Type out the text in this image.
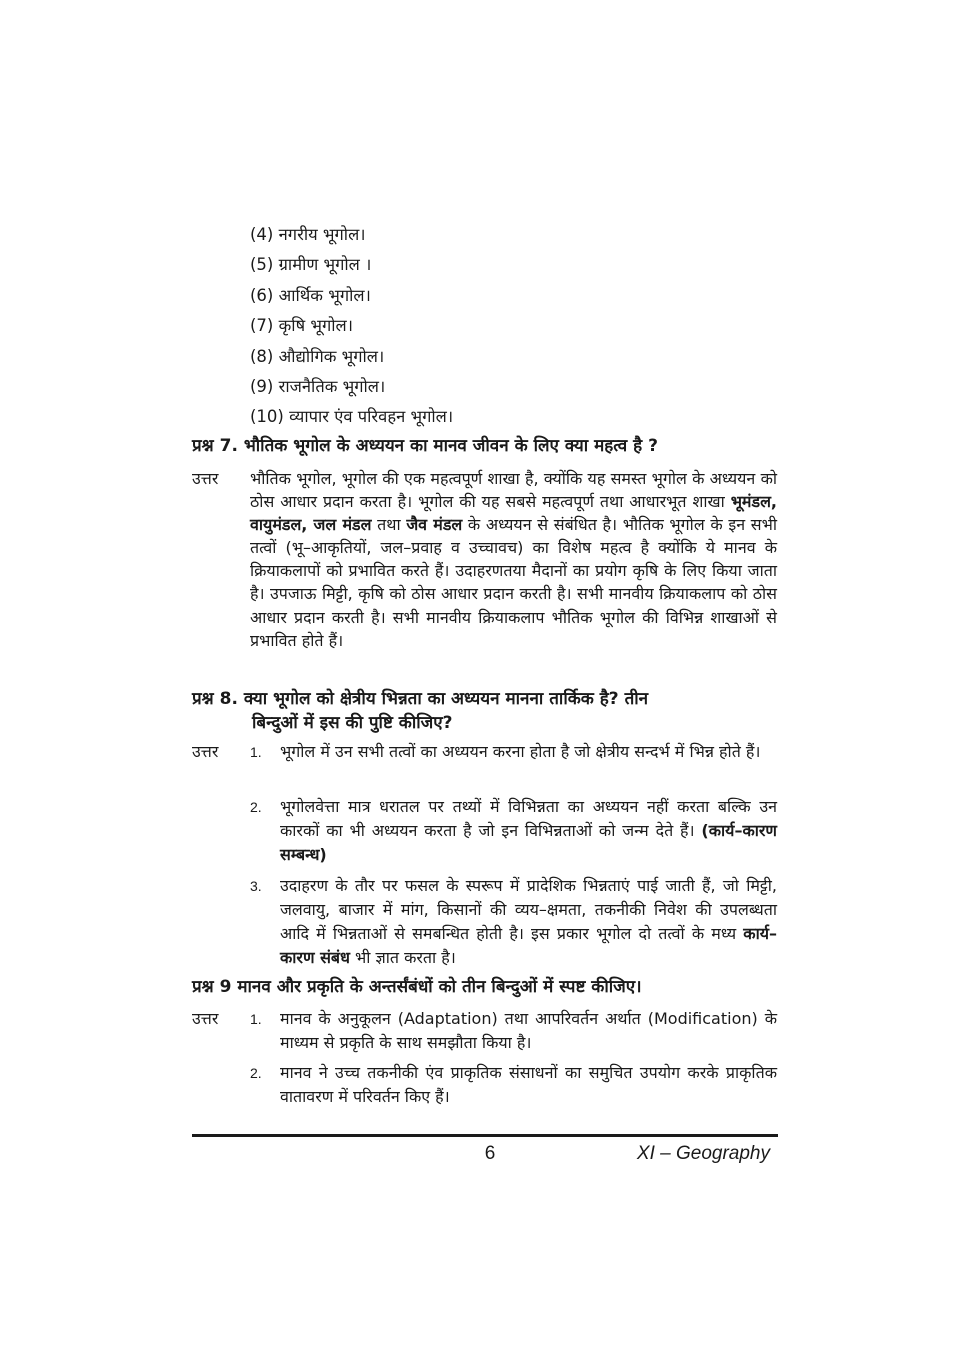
(4) नगरीय भूगोल।
(5) ग्रामीण भूगोल ।
(6) आर्थिक भूगोल।
(7) कृषि भूगोल।
(8) औद्योगिक भूगोल।
(9) राजनैतिक भूगोल।
(10) व्यापार एंव परिवहन भूगोल।
प्रश्न 7. भौतिक भूगोल के अध्ययन का मानव जीवन के लिए क्या महत्व है ?
उत्तर भौतिक भूगोल, भूगोल की एक महत्वपूर्ण शाखा है, क्योंकि यह समस्त भूगोल के अध्ययन को ठोस आधार प्रदान करता है। भूगोल की यह सबसे महत्वपूर्ण तथा आधारभूत शाखा भूमंडल, वायुमंडल, जल मंडल तथा जैव मंडल के अध्ययन से संबंधित है। भौतिक भूगोल के इन सभी तत्वों (भू–आकृतियों, जल–प्रवाह व उच्चावच) का विशेष महत्व है क्योंकि ये मानव के क्रियाकलापों को प्रभावित करते हैं। उदाहरणतया मैदानों का प्रयोग कृषि के लिए किया जाता है। उपजाऊ मिट्टी, कृषि को ठोस आधार प्रदान करती है। सभी मानवीय क्रियाकलाप को ठोस आधार प्रदान करती है। सभी मानवीय क्रियाकलाप भौतिक भूगोल की विभिन्न शाखाओं से प्रभावित होते हैं।
प्रश्न 8. क्या भूगोल को क्षेत्रीय भिन्नता का अध्ययन मानना तार्किक है? तीन
बिन्दुओं में इस की पुष्टि कीजिए?
उत्तर 1. भूगोल में उन सभी तत्वों का अध्ययन करना होता है जो क्षेत्रीय सन्दर्भ में भिन्न होते हैं।
2. भूगोलवेत्ता मात्र धरातल पर तथ्यों में विभिन्नता का अध्ययन नहीं करता बल्कि उन कारकों का भी अध्ययन करता है जो इन विभिन्नताओं को जन्म देते हैं। (कार्य–कारण सम्बन्ध)
3. उदाहरण के तौर पर फसल के स्परूप में प्रादेशिक भिन्नताएं पाई जाती हैं, जो मिट्टी, जलवायु, बाजार में मांग, किसानों की व्यय–क्षमता, तकनीकी निवेश की उपलब्धता आदि में भिन्नताओं से समबन्धित होती है। इस प्रकार भूगोल दो तत्वों के मध्य कार्य–कारण संबंध भी ज्ञात करता है।
प्रश्न 9 मानव और प्रकृति के अन्तर्संबंधों को तीन बिन्दुओं में स्पष्ट कीजिए।
उत्तर 1. मानव के अनुकूलन (Adaptation) तथा आपरिवर्तन अर्थात (Modification) के माध्यम से प्रकृति के साथ समझौता किया है।
2. मानव ने उच्च तकनीकी एंव प्राकृतिक संसाधनों का समुचित उपयोग करके प्राकृतिक वातावरण में परिवर्तन किए हैं।
6	XI – Geography
